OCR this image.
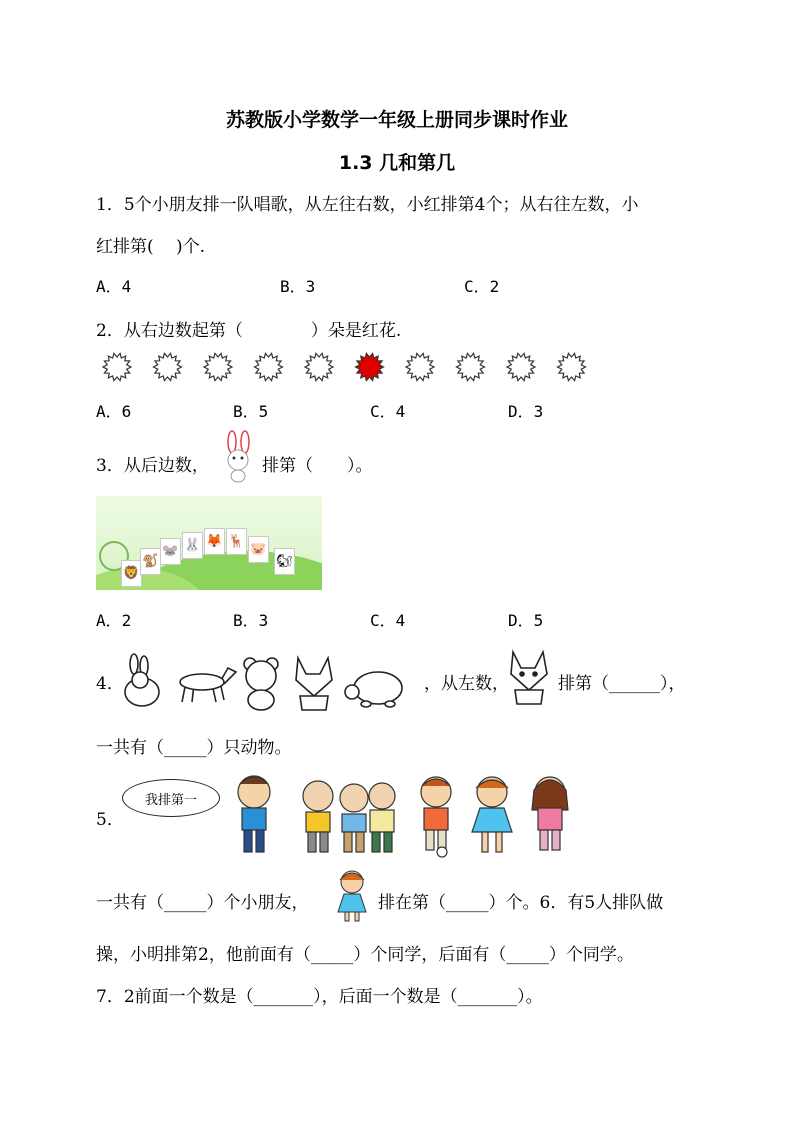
苏教版小学数学一年级上册同步课时作业
1.3 几和第几
1．5个小朋友排一队唱歌，从左往右数，小红排第4个；从右往左数，小
红排第(　 )个.
A．4	B．3	C．2
2．从右边数起第（　　　　）朵是红花.
A．6	B．5	C．4	D．3
3．从后边数，	排第（　　）。
🦁
🐒
🐭 🐰 🦊 🦌
🐷
🐿
A．2	B．3	C．4	D．5
4．	，从左数，	排第（______），
一共有（_____）只动物。
5．
我排第一
一共有（_____）个小朋友，	排在第（_____）个。6．有5人排队做
操，小明排第2，他前面有（_____）个同学，后面有（_____）个同学。
7．2前面一个数是（_______），后面一个数是（_______）。
